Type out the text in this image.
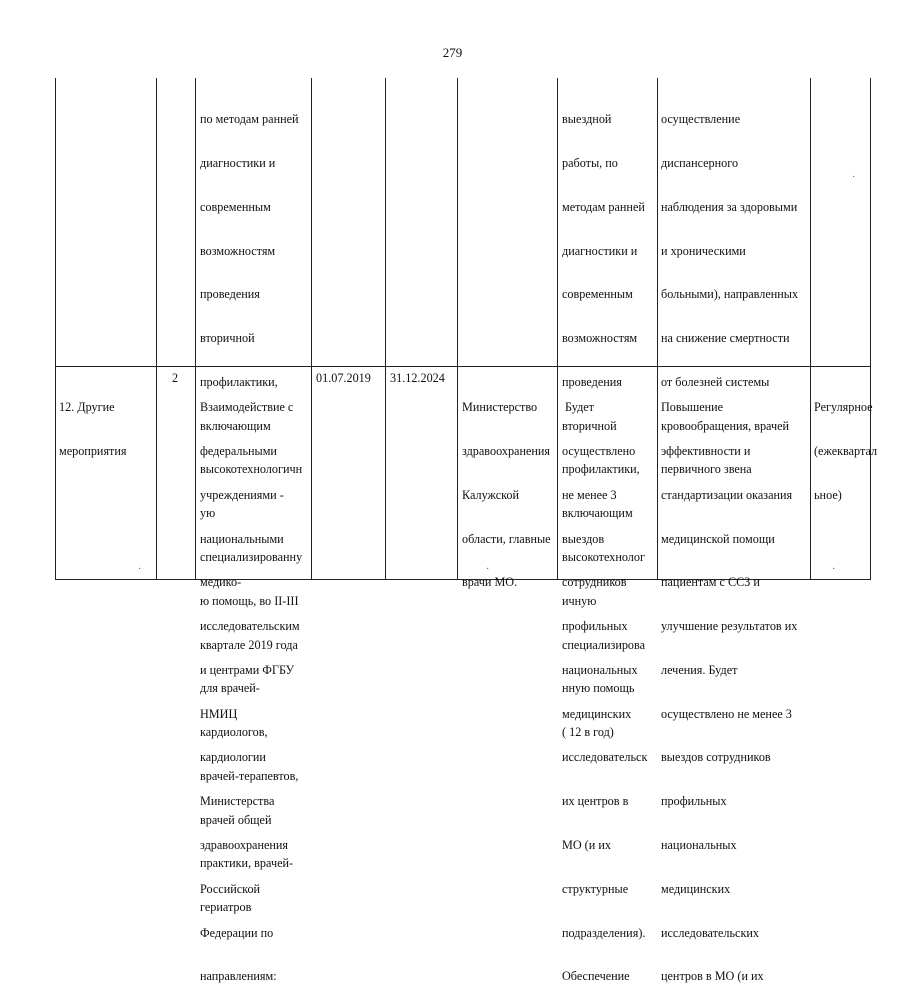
279

по методам ранней

диагностики и

современным

возможностям

проведения

вторичной

профилактики,

включающим

высокотехнологичн

ую

специализированну

ю помощь, во II-III

квартале 2019 года

для врачей-

кардиологов,

врачей-терапевтов,

врачей общей

практики, врачей-

гериатров

выездной

работы, по

методам ранней

диагностики и

современным

возможностям

проведения

вторичной

профилактики,

включающим

высокотехнолог

ичную

специализирова

нную помощь

( 12 в год)

осуществление

диспансерного

наблюдения за здоровыми

и хроническими

больными), направленных

на снижение смертности

от болезней системы

кровообращения, врачей

первичного звена

12. Другие

мероприятия

2

Взаимодействие с

федеральными

учреждениями -

национальными

медико-

исследовательским

и центрами ФГБУ

НМИЦ

кардиологии

Министерства

здравоохранения

Российской

Федерации по

направлениям:

01.07.2019 31.12.2024

Министерство

здравоохранения

Калужской

области, главные

врачи МО.

Будет

осуществлено

не менее 3

выездов

сотрудников

профильных

национальных

медицинских

исследовательск

их центров в

МО (и их

структурные

подразделения).

Обеспечение

Повышение

эффективности и

стандартизации оказания

медицинской помощи

пациентам с ССЗ и

улучшение результатов их

лечения. Будет

осуществлено не менее 3

выездов сотрудников

профильных

национальных

медицинских

исследовательских

центров в МО (и их

Регулярное

(ежеквартал

ьное)

·
·	·	·
